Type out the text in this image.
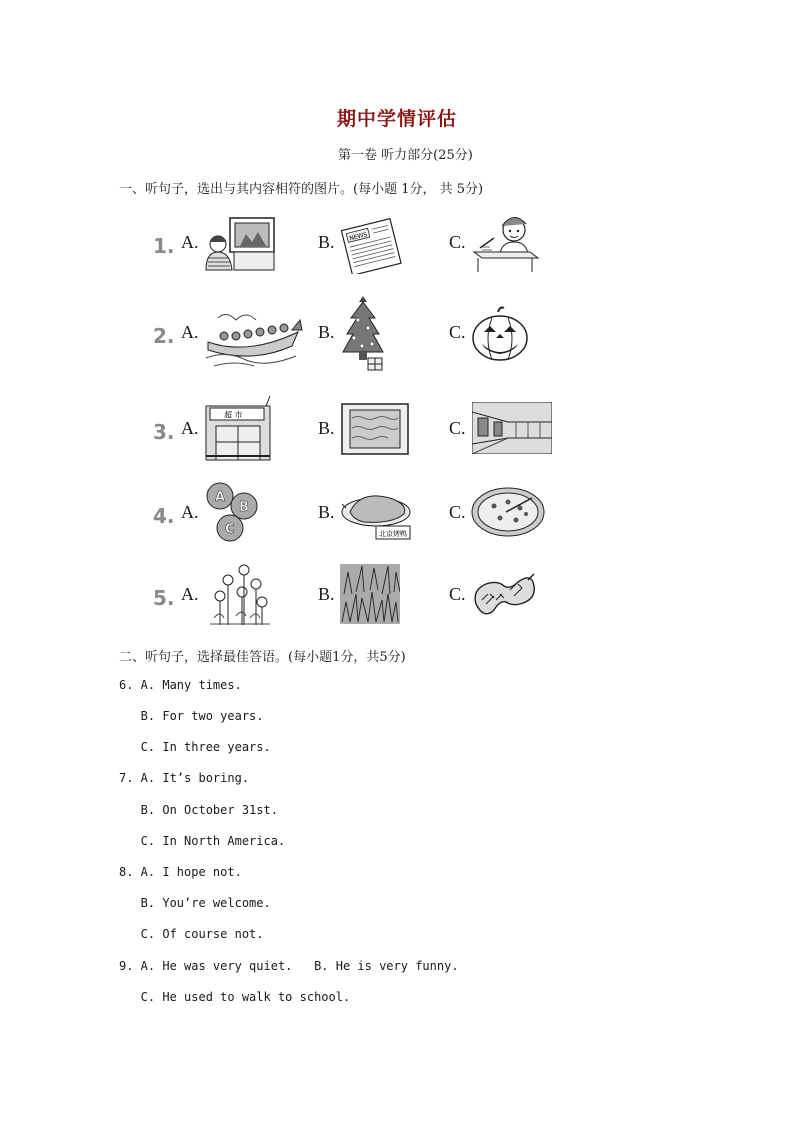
期中学情评估
第一卷 听力部分(25分)
一、听句子，选出与其内容相符的图片。(每小题 1分， 共 5分)
1. A.	B. NEWS	C.
2. A.	B.	C.
3. A.
超 市
B.	C.
4. A.
A
B
C
B.
北京烤鸭
C.
5. A.	B.	C.
二、听句子，选择最佳答语。(每小题1分，共5分)
6. A. Many times.
B. For two years.
C. In three years.
7. A. It’s boring.
B. On October 31st.
C. In North America.
8. A. I hope not.
B. You’re welcome.
C. Of course not.
9. A. He was very quiet.   B. He is very funny.
C. He used to walk to school.
